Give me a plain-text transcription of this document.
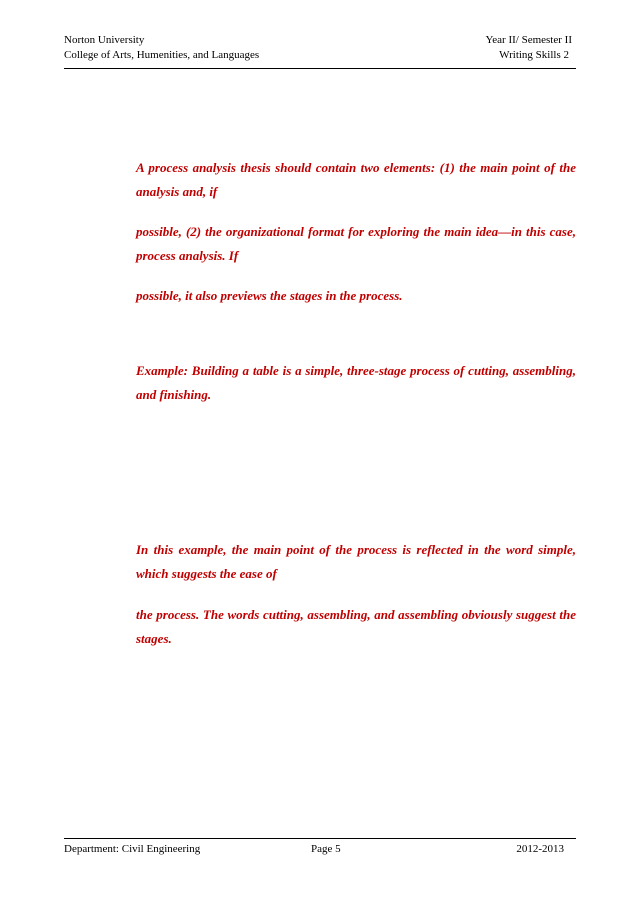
Norton University
College of Arts, Humenities, and Languages
Year II/ Semester II
Writing Skills 2
A process analysis thesis should contain two elements: (1) the main point of the analysis and, if
possible, (2) the organizational format for exploring the main idea—in this case, process analysis. If
possible, it also previews the stages in the process.
Example: Building a table is a simple, three-stage process of cutting, assembling, and finishing.
In this example, the main point of the process is reflected in the word simple, which suggests the ease of
the process. The words cutting, assembling, and assembling obviously suggest the stages.
Department: Civil Engineering	Page 5	2012-2013
